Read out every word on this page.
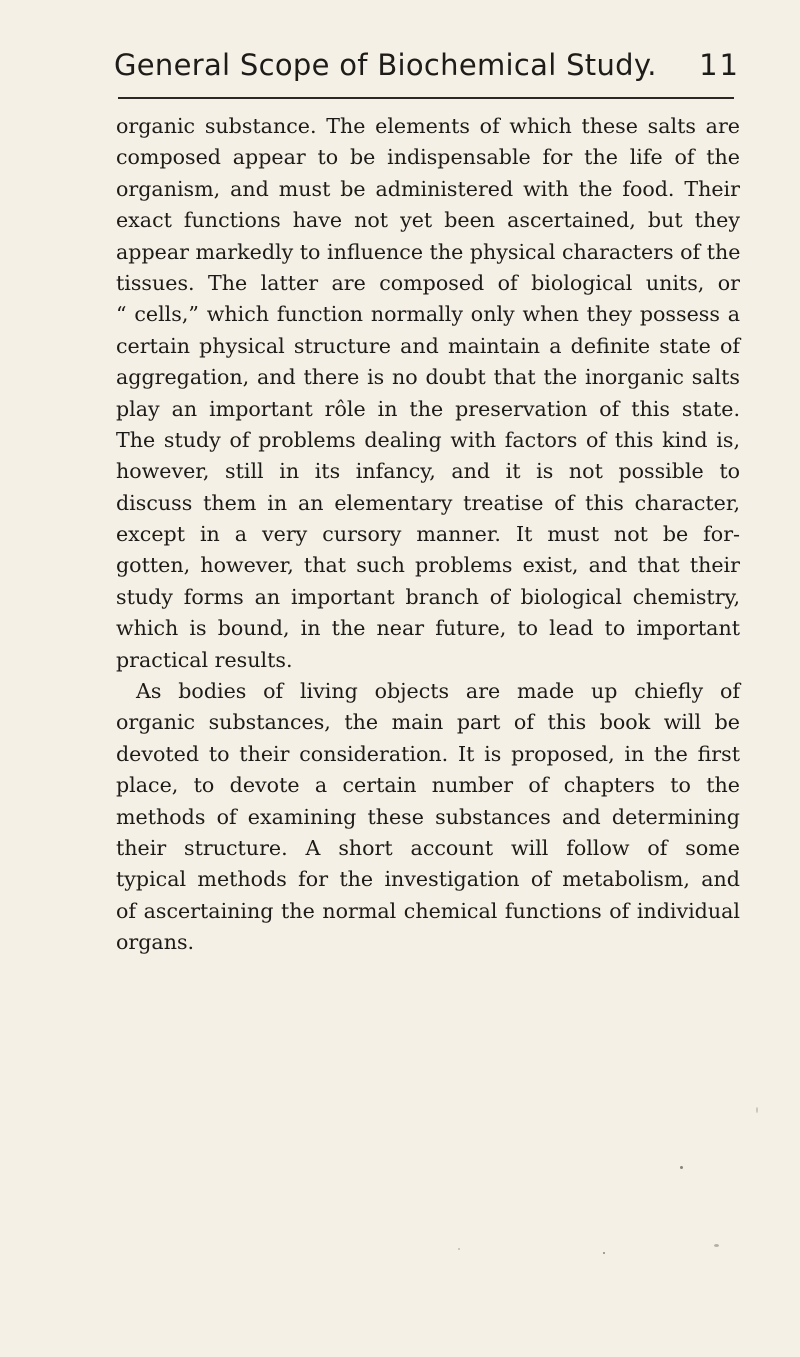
General Scope of Biochemical Study. 11
organic substance. The elements of which these salts are
composed appear to be indispensable for the life of the
organism, and must be administered with the food. Their
exact functions have not yet been ascertained, but they
appear markedly to influence the physical characters of the
tissues. The latter are composed of biological units, or
“ cells,” which function normally only when they possess a
certain physical structure and maintain a definite state of
aggregation, and there is no doubt that the inorganic salts
play an important rôle in the preservation of this state.
The study of problems dealing with factors of this kind is,
however, still in its infancy, and it is not possible to
discuss them in an elementary treatise of this character,
except in a very cursory manner. It must not be for-
gotten, however, that such problems exist, and that their
study forms an important branch of biological chemistry,
which is bound, in the near future, to lead to important
practical results.
As bodies of living objects are made up chiefly of
organic substances, the main part of this book will be
devoted to their consideration. It is proposed, in the first
place, to devote a certain number of chapters to the
methods of examining these substances and determining
their structure. A short account will follow of some
typical methods for the investigation of metabolism, and
of ascertaining the normal chemical functions of individual
organs.
